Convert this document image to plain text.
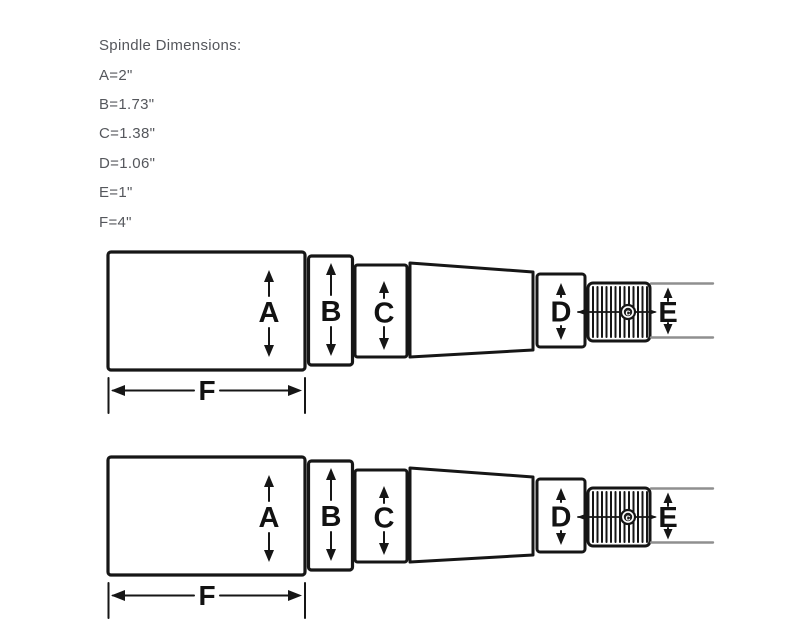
Spindle Dimensions:
A=2"
B=1.73"
C=1.38"
D=1.06"
E=1"
F=4"
A B C	D	E
F
c
A B C	D	E
F
c
